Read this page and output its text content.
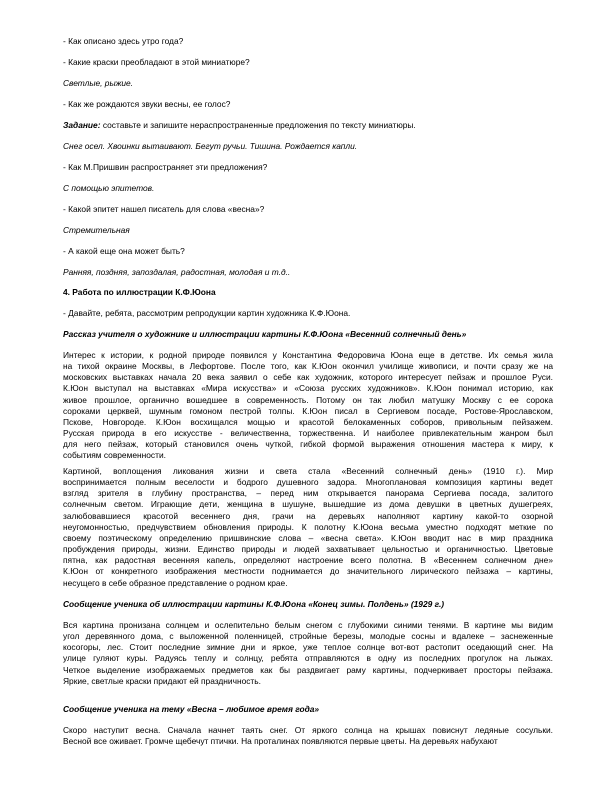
- Как описано здесь утро года?
- Какие краски преобладают в этой миниатюре?
Светлые, рыжие.
- Как же рождаются звуки весны, ее голос?
Задание: составьте и запишите нераспространенные предложения по тексту миниатюры.
Снег осел. Хвоинки вытаивают. Бегут ручьи. Тишина. Рождается капли.
- Как М.Пришвин распространяет эти предложения?
С помощью эпитетов.
- Какой эпитет нашел писатель для слова «весна»?
Стремительная
- А какой еще она может быть?
Ранняя, поздняя, запоздалая, радостная, молодая и т.д..
4. Работа по иллюстрации К.Ф.Юона
- Давайте, ребята, рассмотрим репродукции картин художника К.Ф.Юона.
Рассказ учителя о художнике и иллюстрации картины К.Ф.Юона «Весенний солнечный день»
Интерес к истории, к родной природе появился у Константина Федоровича Юона еще в детстве. Их семья жила
на тихой окраине Москвы, в Лефортове. После того, как К.Юон окончил училище живописи, и почти сразу же на
московских выставках начала 20 века заявил о себе как художник, которого интересует пейзаж и прошлое Руси.
К.Юон выступал на выставках «Мира искусства» и «Союза русских художников». К.Юон понимал историю, как
живое прошлое, органично вошедшее в современность. Потому он так любил матушку Москву с ее сорока
сороками церквей, шумным гомоном пестрой толпы. К.Юон писал в Сергиевом посаде, Ростове-Ярославском,
Пскове, Новгороде. К.Юон восхищался мощью и красотой белокаменных соборов, привольным пейзажем.
Русская природа в его искусстве - величественна, торжественна. И наиболее привлекательным жанром был
для него пейзаж, который становился очень чуткой, гибкой формой выражения отношения мастера к миру, к
событиям современности.
Картиной, воплощения ликования жизни и света стала «Весенний солнечный день» (1910 г.). Мир
воспринимается полным веселости и бодрого душевного задора. Многоплановая композиция картины ведет
взгляд зрителя в глубину пространства, – перед ним открывается панорама Сергиева посада, залитого
солнечным светом. Играющие дети, женщина в шушуне, вышедшие из дома девушки в цветных душегреях,
залюбовавшиеся красотой весеннего дня, грачи на деревьях наполняют картину какой-то озорной
неугомонностью, предчувствием обновления природы. К полотну К.Юона весьма уместно подходят меткие по
своему поэтическому определению пришвинские слова – «весна света». К.Юон вводит нас в мир праздника
пробуждения природы, жизни. Единство природы и людей захватывает цельностью и органичностью. Цветовые
пятна, как радостная весенняя капель, определяют настроение всего полотна. В «Весеннем солнечном дне»
К.Юон от конкретного изображения местности поднимается до значительного лирического пейзажа – картины,
несущего в себе образное представление о родном крае.
Сообщение ученика об иллюстрации картины К.Ф.Юона «Конец зимы. Полдень» (1929 г.)
Вся картина пронизана солнцем и ослепительно белым снегом с глубокими синими тенями. В картине мы видим
угол деревянного дома, с выложенной поленницей, стройные березы, молодые сосны и вдалеке – заснеженные
косогоры, лес. Стоит последние зимние дни и яркое, уже теплое солнце вот-вот растопит оседающий снег. На
улице гуляют куры. Радуясь теплу и солнцу, ребята отправляются в одну из последних прогулок на лыжах.
Четкое выделение изображаемых предметов как бы раздвигает раму картины, подчеркивает просторы пейзажа.
Яркие, светлые краски придают ей праздничность.
Сообщение ученика на тему «Весна – любимое время года»
Скоро наступит весна. Сначала начнет таять снег. От яркого солнца на крышах повиснут ледяные сосульки.
Весной все оживает. Громче щебечут птички. На проталинах появляются первые цветы. На деревьях набухают
